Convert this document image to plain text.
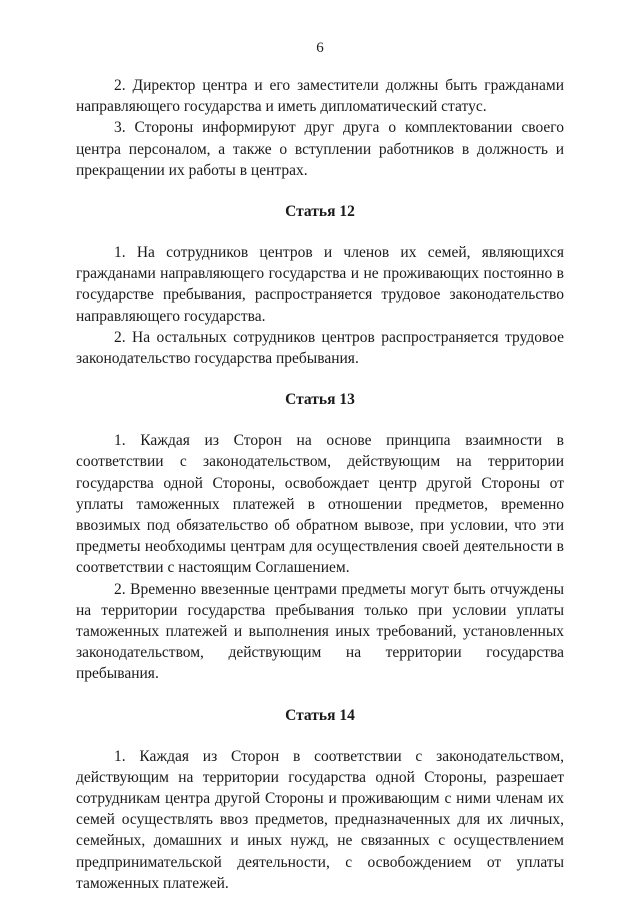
6

2. Директор центра и его заместители должны быть гражданами направляющего государства и иметь дипломатический статус.

3. Стороны информируют друг друга о комплектовании своего центра персоналом, а также о вступлении работников в должность и прекращении их работы в центрах.

Статья 12

1. На сотрудников центров и членов их семей, являющихся гражданами направляющего государства и не проживающих постоянно в государстве пребывания, распространяется трудовое законодательство направляющего государства.

2. На остальных сотрудников центров распространяется трудовое законодательство государства пребывания.

Статья 13

1. Каждая из Сторон на основе принципа взаимности в соответствии с законодательством, действующим на территории государства одной Стороны, освобождает центр другой Стороны от уплаты таможенных платежей в отношении предметов, временно ввозимых под обязательство об обратном вывозе, при условии, что эти предметы необходимы центрам для осуществления своей деятельности в соответствии с настоящим Соглашением.

2. Временно ввезенные центрами предметы могут быть отчуждены на территории государства пребывания только при условии уплаты таможенных платежей и выполнения иных требований, установленных законодательством, действующим на территории государства пребывания.

Статья 14

1. Каждая из Сторон в соответствии с законодательством, действующим на территории государства одной Стороны, разрешает сотрудникам центра другой Стороны и проживающим с ними членам их семей осуществлять ввоз предметов, предназначенных для их личных, семейных, домашних и иных нужд, не связанных с осуществлением предпринимательской деятельности, с освобождением от уплаты таможенных платежей.
